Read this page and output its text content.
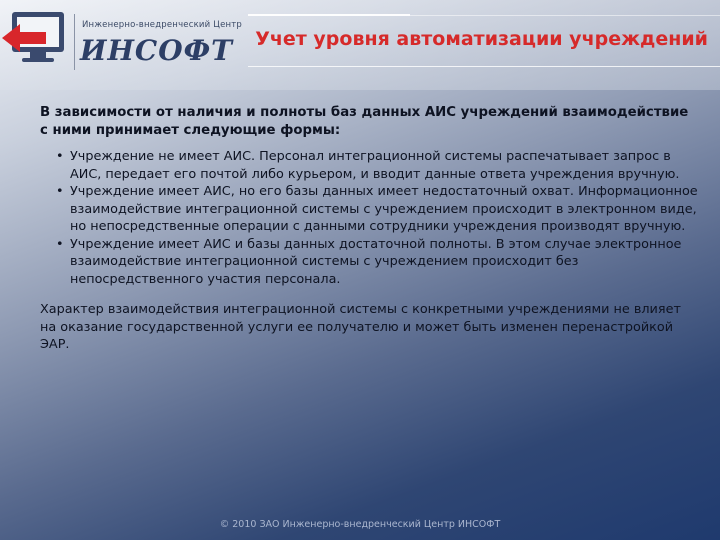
Инженерно-внедренческий Центр
ИНСОФТ	Учет уровня автоматизации учреждений

В зависимости от наличия и полноты баз данных АИС учреждений взаимодействие с ними принимает следующие формы:

• Учреждение не имеет АИС. Персонал интеграционной системы распечатывает запрос в АИС, передает его почтой либо курьером, и вводит данные ответа учреждения вручную.
• Учреждение имеет АИС, но его базы данных имеет недостаточный охват. Информационное взаимодействие интеграционной системы с учреждением происходит в электронном виде, но непосредственные операции с данными сотрудники учреждения производят вручную.
• Учреждение имеет АИС и базы данных достаточной полноты. В этом случае электронное взаимодействие интеграционной системы с учреждением происходит без непосредственного участия персонала.

Характер взаимодействия интеграционной системы с конкретными учреждениями не влияет на оказание государственной услуги ее получателю и может быть изменен перенастройкой ЭАР.

© 2010 ЗАО Инженерно-внедренческий Центр ИНСОФТ
